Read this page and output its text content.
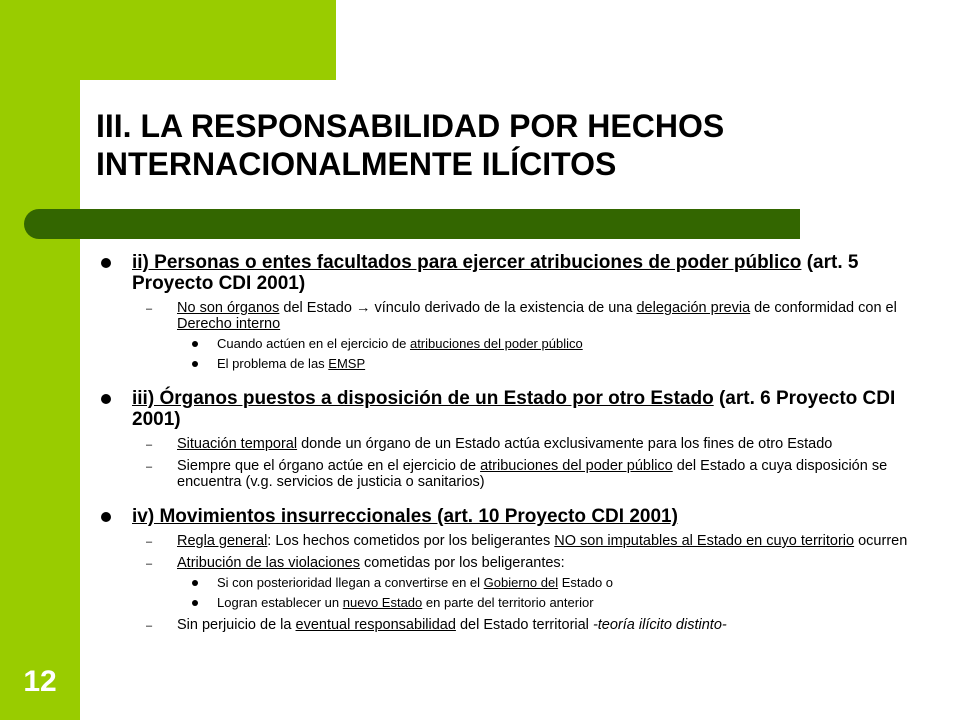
III. LA RESPONSABILIDAD POR HECHOS INTERNACIONALMENTE ILÍCITOS
ii) Personas o entes facultados para ejercer atribuciones de poder público (art. 5 Proyecto CDI 2001)
– No son órganos del Estado → vínculo derivado de la existencia de una delegación previa de conformidad con el Derecho interno
Cuando actúen en el ejercicio de atribuciones del poder público
El problema de las EMSP
iii) Órganos puestos a disposición de un Estado por otro Estado (art. 6 Proyecto CDI 2001)
– Situación temporal donde un órgano de un Estado actúa exclusivamente para los fines de otro Estado
– Siempre que el órgano actúe en el ejercicio de atribuciones del poder público del Estado a cuya disposición se encuentra (v.g. servicios de justicia o sanitarios)
iv) Movimientos insurreccionales (art. 10 Proyecto CDI 2001)
– Regla general: Los hechos cometidos por los beligerantes NO son imputables al Estado en cuyo territorio ocurren
– Atribución de las violaciones cometidas por los beligerantes:
Si con posterioridad llegan a convertirse en el Gobierno del Estado o
Logran establecer un nuevo Estado en parte del territorio anterior
– Sin perjuicio de la eventual responsabilidad del Estado territorial -teoría ilícito distinto-
12
